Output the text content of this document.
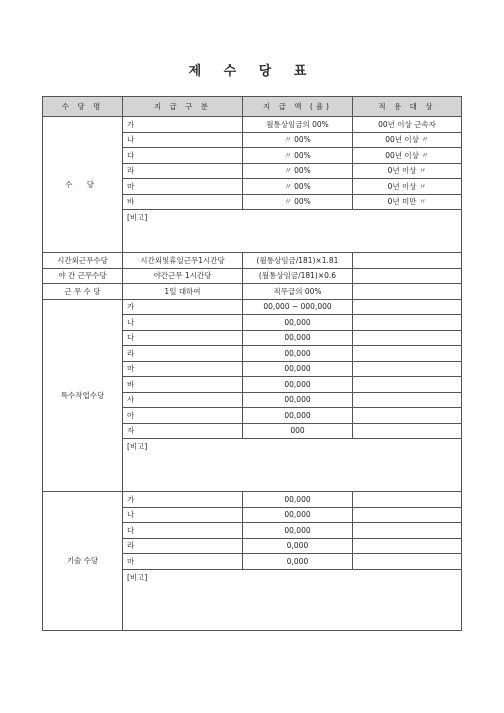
제 수 당 표
수 당 명	지 급 구 분	지 급 액 (율)	적 용 대 상
수 당	가	월통상임금의 00%	00년 이상 근속자
	나	〃 00%	00년 이상 〃
	다	〃 00%	00년 이상 〃
	라	〃 00%	0년 이상 〃
	마	〃 00%	0년 이상 〃
	바	〃 00%	0년 미만 〃
	[비고]		
시간외근무수당	시간외및휴일근무1시간당	(월통상임금/181)×1.81	
야 간 근무수당	야간근무 1시간당	(월통상임금/181)×0.6	
근 무 수 당	1일 대하여	직무급의 00%	
특수작업수당	가	00,000 ~ 000,000	
	나	00,000	
	다	00,000	
	라	00,000	
	마	00,000	
	바	00,000	
	사	00,000	
	아	00,000	
	자	000	
	[비고]		
기술 수당	가	00,000	
	나	00,000	
	다	00,000	
	라	0,000	
	마	0,000	
	[비고]		
